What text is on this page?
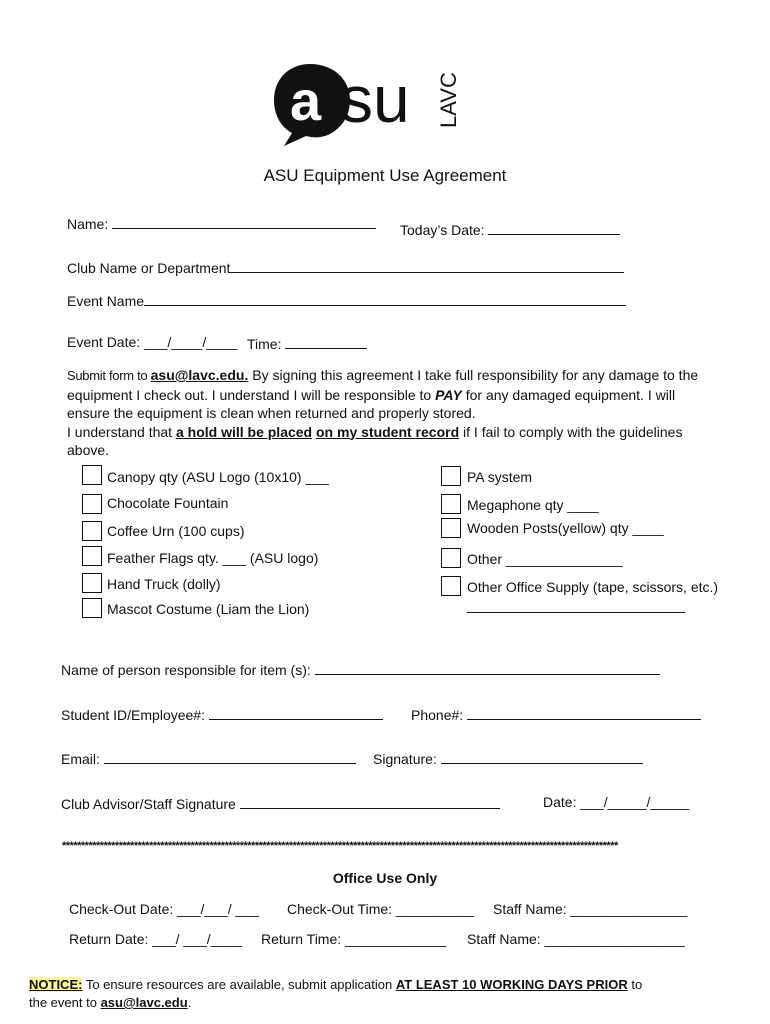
a su LAVC
ASU Equipment Use Agreement
Name:	Today’s Date:
Club Name or Department
Event Name
Event Date: ___/____/____ Time:
Submit form to asu@lavc.edu. By signing this agreement I take full responsibility for any damage to the equipment I check out. I understand I will be responsible to PAY for any damaged equipment. I will ensure the equipment is clean when returned and properly stored.
I understand that a hold will be placed on my student record if I fail to comply with the guidelines above.
Canopy qty (ASU Logo (10x10) ___
Chocolate Fountain
Coffee Urn (100 cups)
Feather Flags qty. ___ (ASU logo)
Hand Truck (dolly)
Mascot Costume (Liam the Lion)
PA system
Megaphone qty ____
Wooden Posts(yellow) qty ____
Other _______________
Other Office Supply (tape, scissors, etc.)
Name of person responsible for item (s):
Student ID/Employee#:	Phone#:
Email:	Signature:
Club Advisor/Staff Signature	Date: ___/_____/_____
***************************************************************************************************************************************************
Office Use Only
Check-Out Date: ___/___/ ___ Check-Out Time: __________ Staff Name: _______________
Return Date: ___/ ___/____ Return Time: _____________ Staff Name: __________________
NOTICE: To ensure resources are available, submit application AT LEAST 10 WORKING DAYS PRIOR to
the event to asu@lavc.edu.
